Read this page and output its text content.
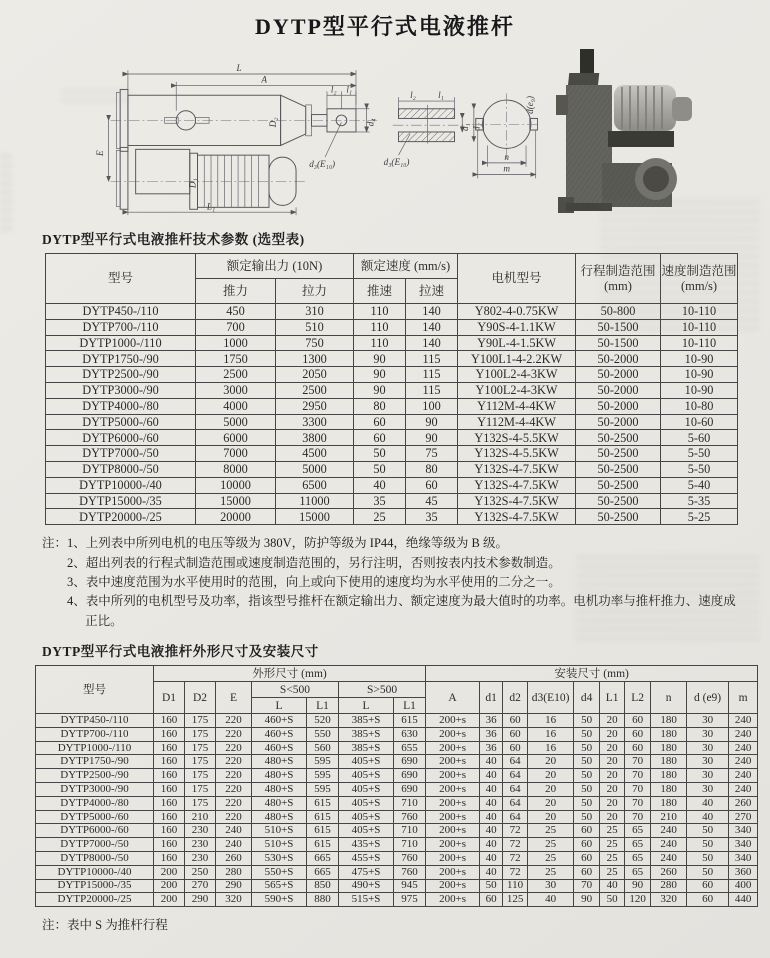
DYTP型平行式电液推杆
L
A
E
L₁
D₂
D₁
l₂ l₁
d₄
d₃(E₁₀)
l₂ l₁
d₃(E₁₀)
d₁ d₂
n
m
d(e₉)
DYTP型平行式电液推杆技术参数 (选型表)
型号	额定输出力 (10N)		额定速度 (mm/s)		电机型号	行程制造范围
(mm)	速度制造范围
(mm/s)
	推力	拉力	推速	拉速			
DYTP450-/110	450	310	110	140	Y802-4-0.75KW	50-800	10-110
DYTP700-/110	700	510	110	140	Y90S-4-1.1KW	50-1500	10-110
DYTP1000-/110	1000	750	110	140	Y90L-4-1.5KW	50-1500	10-110
DYTP1750-/90	1750	1300	90	115	Y100L1-4-2.2KW	50-2000	10-90
DYTP2500-/90	2500	2050	90	115	Y100L2-4-3KW	50-2000	10-90
DYTP3000-/90	3000	2500	90	115	Y100L2-4-3KW	50-2000	10-90
DYTP4000-/80	4000	2950	80	100	Y112M-4-4KW	50-2000	10-80
DYTP5000-/60	5000	3300	60	90	Y112M-4-4KW	50-2000	10-60
DYTP6000-/60	6000	3800	60	90	Y132S-4-5.5KW	50-2500	5-60
DYTP7000-/50	7000	4500	50	75	Y132S-4-5.5KW	50-2500	5-50
DYTP8000-/50	8000	5000	50	80	Y132S-4-7.5KW	50-2500	5-50
DYTP10000-/40	10000	6500	40	60	Y132S-4-7.5KW	50-2500	5-40
DYTP15000-/35	15000	11000	35	45	Y132S-4-7.5KW	50-2500	5-35
DYTP20000-/25	20000	15000	25	35	Y132S-4-7.5KW	50-2500	5-25
注： 1、上列表中所列电机的电压等级为 380V，防护等级为 IP44，绝缘等级为 B 级。

2、超出列表的行程式制造范围或速度制造范围的，另行注明，否则按表内技术参数制造。

3、表中速度范围为水平使用时的范围，向上或向下使用的速度均为水平使用的二分之一。

4、表中所列的电机型号及功率，指该型号推杆在额定输出力、额定速度为最大值时的功率。电机功率与推杆推力、速度成正比。

DYTP型平行式电液推杆外形尺寸及安装尺寸
型号	外形尺寸 (mm)							安装尺寸 (mm)									
	D1	D2	E	S<500		S>500		A	d1	d2	d3(E10)	d4	L1	L2	n	d (e9)	m
				L	L1	L	L1										
DYTP450-/110	160	175	220	460+S	520	385+S	615	200+s	36	60	16	50	20	60	180	30	240
DYTP700-/110	160	175	220	460+S	550	385+S	630	200+s	36	60	16	50	20	60	180	30	240
DYTP1000-/110	160	175	220	460+S	560	385+S	655	200+s	36	60	16	50	20	60	180	30	240
DYTP1750-/90	160	175	220	480+S	595	405+S	690	200+s	40	64	20	50	20	70	180	30	240
DYTP2500-/90	160	175	220	480+S	595	405+S	690	200+s	40	64	20	50	20	70	180	30	240
DYTP3000-/90	160	175	220	480+S	595	405+S	690	200+s	40	64	20	50	20	70	180	30	240
DYTP4000-/80	160	175	220	480+S	615	405+S	710	200+s	40	64	20	50	20	70	180	40	260
DYTP5000-/60	160	210	220	480+S	615	405+S	760	200+s	40	64	20	50	20	70	210	40	270
DYTP6000-/60	160	230	240	510+S	615	405+S	710	200+s	40	72	25	60	25	65	240	50	340
DYTP7000-/50	160	230	240	510+S	615	435+S	710	200+s	40	72	25	60	25	65	240	50	340
DYTP8000-/50	160	230	260	530+S	665	455+S	760	200+s	40	72	25	60	25	65	240	50	340
DYTP10000-/40	200	250	280	550+S	665	475+S	760	200+s	40	72	25	60	25	65	260	50	360
DYTP15000-/35	200	270	290	565+S	850	490+S	945	200+s	50	110	30	70	40	90	280	60	400
DYTP20000-/25	200	290	320	590+S	880	515+S	975	200+s	60	125	40	90	50	120	320	60	440

注：表中 S 为推杆行程
